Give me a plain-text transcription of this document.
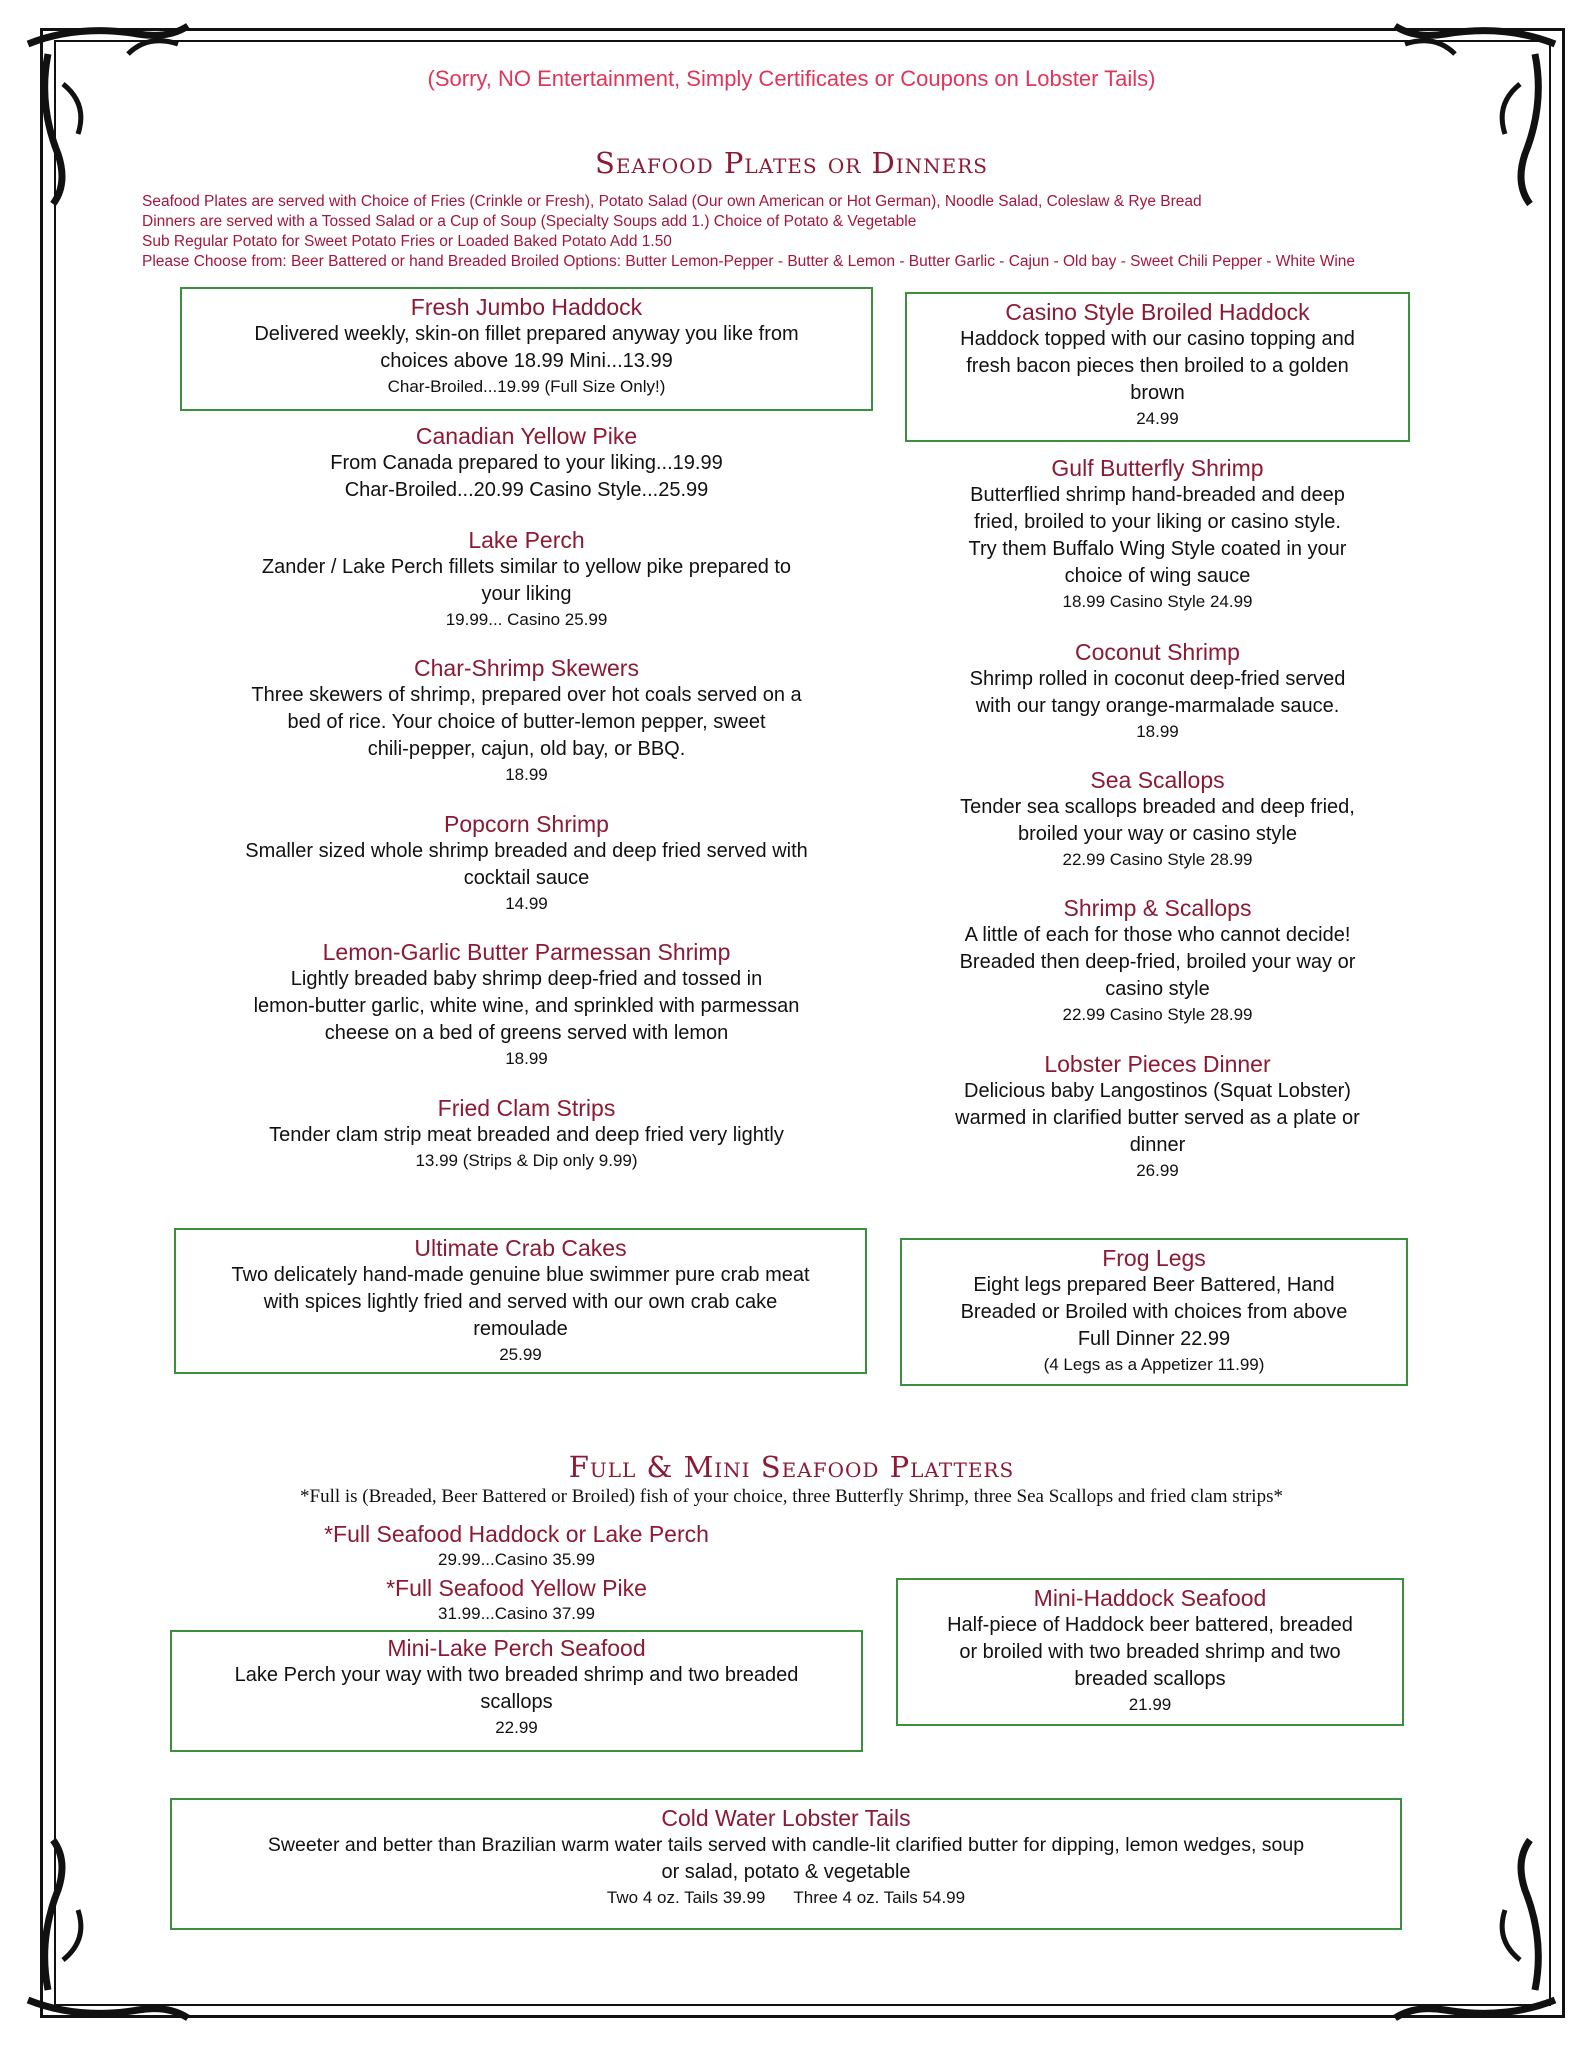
(Sorry, NO Entertainment, Simply Certificates or Coupons on Lobster Tails)
Seafood Plates or Dinners
Seafood Plates are served with Choice of Fries (Crinkle or Fresh), Potato Salad (Our own American or Hot German), Noodle Salad, Coleslaw & Rye Bread
Dinners are served with a Tossed Salad or a Cup of Soup (Specialty Soups add 1.) Choice of Potato & Vegetable
Sub Regular Potato for Sweet Potato Fries or Loaded Baked Potato Add 1.50
Please Choose from: Beer Battered or hand Breaded Broiled Options: Butter Lemon-Pepper - Butter & Lemon - Butter Garlic - Cajun - Old bay - Sweet Chili Pepper - White Wine
Fresh Jumbo Haddock
Delivered weekly, skin-on fillet prepared anyway you like from
choices above 18.99 Mini...13.99
Char-Broiled...19.99 (Full Size Only!)
Canadian Yellow Pike
From Canada prepared to your liking...19.99
Char-Broiled...20.99 Casino Style...25.99
Lake Perch
Zander / Lake Perch fillets similar to yellow pike prepared to
your liking
19.99... Casino 25.99
Char-Shrimp Skewers
Three skewers of shrimp, prepared over hot coals served on a
bed of rice. Your choice of butter-lemon pepper, sweet
chili-pepper, cajun, old bay, or BBQ.
18.99
Popcorn Shrimp
Smaller sized whole shrimp breaded and deep fried served with
cocktail sauce
14.99
Lemon-Garlic Butter Parmessan Shrimp
Lightly breaded baby shrimp deep-fried and tossed in
lemon-butter garlic, white wine, and sprinkled with parmessan
cheese on a bed of greens served with lemon
18.99
Fried Clam Strips
Tender clam strip meat breaded and deep fried very lightly
13.99 (Strips & Dip only 9.99)
Ultimate Crab Cakes
Two delicately hand-made genuine blue swimmer pure crab meat
with spices lightly fried and served with our own crab cake
remoulade
25.99
Casino Style Broiled Haddock
Haddock topped with our casino topping and
fresh bacon pieces then broiled to a golden
brown
24.99
Gulf Butterfly Shrimp
Butterflied shrimp hand-breaded and deep
fried, broiled to your liking or casino style.
Try them Buffalo Wing Style coated in your
choice of wing sauce
18.99 Casino Style 24.99
Coconut Shrimp
Shrimp rolled in coconut deep-fried served
with our tangy orange-marmalade sauce.
18.99
Sea Scallops
Tender sea scallops breaded and deep fried,
broiled your way or casino style
22.99 Casino Style 28.99
Shrimp & Scallops
A little of each for those who cannot decide!
Breaded then deep-fried, broiled your way or
casino style
22.99 Casino Style 28.99
Lobster Pieces Dinner
Delicious baby Langostinos (Squat Lobster)
warmed in clarified butter served as a plate or
dinner
26.99
Frog Legs
Eight legs prepared Beer Battered, Hand
Breaded or Broiled with choices from above
Full Dinner 22.99
(4 Legs as a Appetizer 11.99)
Full & Mini Seafood Platters
*Full is (Breaded, Beer Battered or Broiled) fish of your choice, three Butterfly Shrimp, three Sea Scallops and fried clam strips*
*Full Seafood Haddock or Lake Perch
29.99...Casino 35.99
*Full Seafood Yellow Pike
31.99...Casino 37.99
Mini-Lake Perch Seafood
Lake Perch your way with two breaded shrimp and two breaded
scallops
22.99
Mini-Haddock Seafood
Half-piece of Haddock beer battered, breaded
or broiled with two breaded shrimp and two
breaded scallops
21.99
Cold Water Lobster Tails
Sweeter and better than Brazilian warm water tails served with candle-lit clarified butter for dipping, lemon wedges, soup
or salad, potato & vegetable
Two 4 oz. Tails 39.99      Three 4 oz. Tails 54.99
